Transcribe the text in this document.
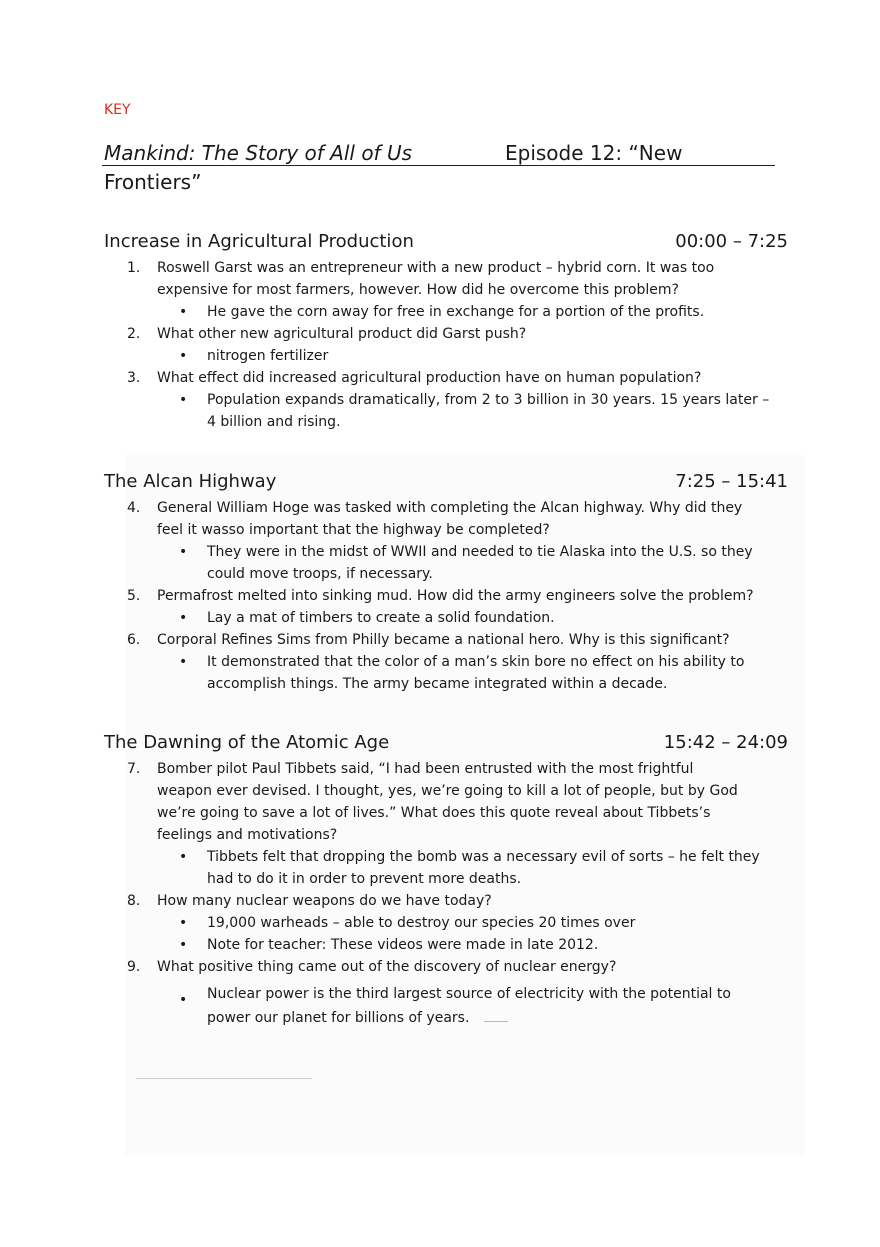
KEY
Mankind: The Story of All of Us	Episode 12: “New
Frontiers”
Increase in Agricultural Production	00:00 – 7:25
1. Roswell Garst was an entrepreneur with a new product – hybrid corn. It was too expensive for most farmers, however. How did he overcome this problem?
• He gave the corn away for free in exchange for a portion of the profits.
2. What other new agricultural product did Garst push?
• nitrogen fertilizer
3. What effect did increased agricultural production have on human population?
• Population expands dramatically, from 2 to 3 billion in 30 years. 15 years later – 4 billion and rising.
The Alcan Highway	7:25 – 15:41
4. General William Hoge was tasked with completing the Alcan highway. Why did they feel it wasso important that the highway be completed?
• They were in the midst of WWII and needed to tie Alaska into the U.S. so they could move troops, if necessary.
5. Permafrost melted into sinking mud. How did the army engineers solve the problem?
• Lay a mat of timbers to create a solid foundation.
6. Corporal Refines Sims from Philly became a national hero. Why is this significant?
• It demonstrated that the color of a man’s skin bore no effect on his ability to accomplish things. The army became integrated within a decade.
The Dawning of the Atomic Age	15:42 – 24:09
7. Bomber pilot Paul Tibbets said, “I had been entrusted with the most frightful weapon ever devised. I thought, yes, we’re going to kill a lot of people, but by God we’re going to save a lot of lives.” What does this quote reveal about Tibbets’s feelings and motivations?
• Tibbets felt that dropping the bomb was a necessary evil of sorts – he felt they had to do it in order to prevent more deaths.
8. How many nuclear weapons do we have today?
• 19,000 warheads – able to destroy our species 20 times over
• Note for teacher: These videos were made in late 2012.
9. What positive thing came out of the discovery of nuclear energy?
• Nuclear power is the third largest source of electricity with the potential to power our planet for billions of years.
